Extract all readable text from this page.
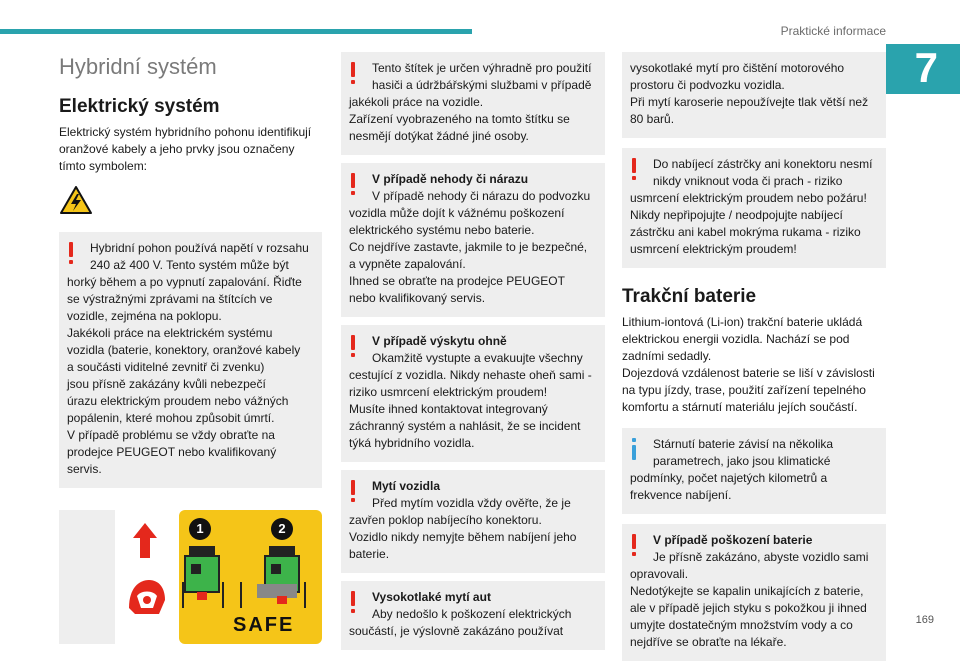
Praktické informace
7
Hybridní systém
Elektrický systém
Elektrický systém hybridního pohonu identifikují
oranžové kabely a jeho prvky jsou označeny
tímto symbolem:
Hybridní pohon používá napětí v rozsahu
240 až 400 V. Tento systém může být
horký během a po vypnutí zapalování. Řiďte
se výstražnými zprávami na štítcích ve
vozidle, zejména na poklopu.
Jakékoli práce na elektrickém systému
vozidla (baterie, konektory, oranžové kabely
a součásti viditelné zevnitř či zvenku)
jsou přísně zakázány kvůli nebezpečí
úrazu elektrickým proudem nebo vážných
popálenin, které mohou způsobit úmrtí.
V případě problému se vždy obraťte na
prodejce PEUGEOT nebo kvalifikovaný
servis.
1	2
SAFE
Tento štítek je určen výhradně pro použití
hasiči a údržbářskými službami v případě
jakékoli práce na vozidle.
Zařízení vyobrazeného na tomto štítku se
nesmějí dotýkat žádné jiné osoby.
V případě nehody či nárazu
V případě nehody či nárazu do podvozku
vozidla může dojít k vážnému poškození
elektrického systému nebo baterie.
Co nejdříve zastavte, jakmile to je bezpečné,
a vypněte zapalování.
Ihned se obraťte na prodejce PEUGEOT
nebo kvalifikovaný servis.
V případě výskytu ohně
Okamžitě vystupte a evakuujte všechny
cestující z vozidla. Nikdy nehaste oheň sami -
riziko usmrcení elektrickým proudem!
Musíte ihned kontaktovat integrovaný
záchranný systém a nahlásit, že se incident
týká hybridního vozidla.
Mytí vozidla
Před mytím vozidla vždy ověřte, že je
zavřen poklop nabíjecího konektoru.
Vozidlo nikdy nemyjte během nabíjení jeho
baterie.
Vysokotlaké mytí aut
Aby nedošlo k poškození elektrických
součástí, je výslovně zakázáno používat
vysokotlaké mytí pro čištění motorového
prostoru či podvozku vozidla.
Při mytí karoserie nepoužívejte tlak větší než
80 barů.
Do nabíjecí zástrčky ani konektoru nesmí
nikdy vniknout voda či prach - riziko
usmrcení elektrickým proudem nebo požáru!
Nikdy nepřipojujte / neodpojujte nabíjecí
zástrčku ani kabel mokrýma rukama - riziko
usmrcení elektrickým proudem!
Trakční baterie
Lithium-iontová (Li-ion) trakční baterie ukládá
elektrickou energii vozidla. Nachází se pod
zadními sedadly.
Dojezdová vzdálenost baterie se liší v závislosti
na typu jízdy, trase, použití zařízení tepelného
komfortu a stárnutí materiálu jejích součástí.
Stárnutí baterie závisí na několika
parametrech, jako jsou klimatické
podmínky, počet najetých kilometrů a
frekvence nabíjení.
V případě poškození baterie
Je přísně zakázáno, abyste vozidlo sami
opravovali.
Nedotýkejte se kapalin unikajících z baterie,
ale v případě jejich styku s pokožkou ji ihned
umyjte dostatečným množstvím vody a co
nejdříve se obraťte na lékaře.
169
